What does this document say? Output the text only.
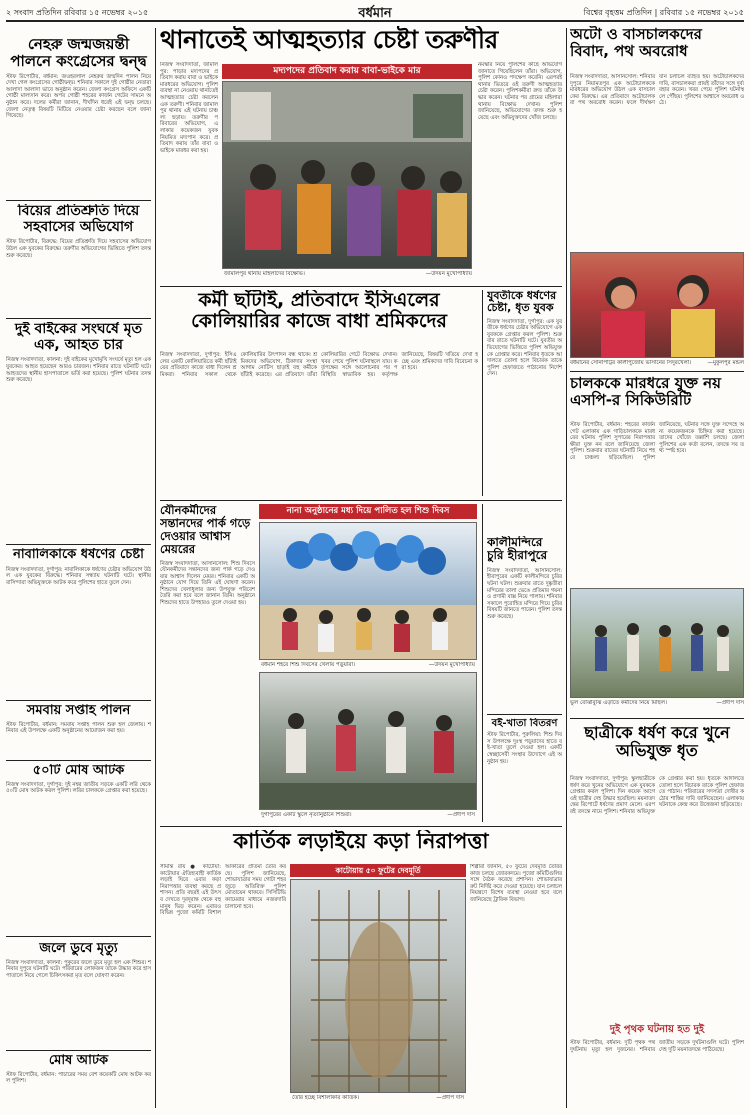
২ সংবাদ প্রতিদিন রবিবার ১৫ নভেম্বর ২০১৫	বর্ধমান	বিশ্বের বৃহত্তম প্রতিদিন | রবিবার ১৫ নভেম্বর ২০১৫
নেহরু জন্মজয়ন্তী পালনে কংগ্রেসের দ্বন্দ্ব
স্টাফ রিপোর্টার, বর্ধমান: জওহরলাল নেহরুর জন্মদিন পালন নিয়ে দেখা গেল কংগ্রেসের গোষ্ঠীদ্বন্দ্ব। শনিবার সকালে দুই গোষ্ঠীর নেতারা আলাদা আলাদা ভাবে অনুষ্ঠান করেন। জেলা কংগ্রেস অফিসে একটি গোষ্ঠী মাল্যদান করে। অপর গোষ্ঠী শহরের কার্জন গেটের সামনে অনুষ্ঠান করে। দলের কর্মীরা জানান, দীর্ঘদিন ধরেই এই দ্বন্দ্ব চলছে। জেলা নেতৃত্ব বিষয়টি মিটিয়ে নেওয়ার চেষ্টা করছেন বলে জানা গিয়েছে।
বিয়ের প্রতিশ্রুতি দিয়ে সহবাসের অভিযোগ
স্টাফ রিপোর্টার, বিরুদ্ধে: বিয়ের প্রতিশ্রুতি দিয়ে সহবাসের অভিযোগ উঠল এক যুবকের বিরুদ্ধে। তরুণীর অভিযোগের ভিত্তিতে পুলিশ তদন্ত শুরু করেছে।
দুই বাইকের সংঘর্ষে মৃত এক, আহত চার
নিজস্ব সংবাদদাতা, কালনা: দুই বাইকের মুখোমুখি সংঘর্ষে মৃত্যু হল এক যুবকের। আহত হয়েছেন আরও চারজন। শনিবার রাতে ঘটনাটি ঘটে। আহতদের স্থানীয় হাসপাতালে ভর্তি করা হয়েছে। পুলিশ ঘটনার তদন্ত শুরু করেছে।
নাবালিকাকে ধর্ষণের চেষ্টা
নিজস্ব সংবাদদাতা, দুর্গাপুর: নাবালিকাকে ধর্ষণের চেষ্টার অভিযোগ উঠল এক যুবকের বিরুদ্ধে। শনিবার সন্ধ্যায় ঘটনাটি ঘটে। স্থানীয় বাসিন্দারা অভিযুক্তকে আটক করে পুলিশের হাতে তুলে দেন।
সমবায় সপ্তাহ পালন
স্টাফ রিপোর্টার, বর্ধমান: সমবায় সপ্তাহ পালন শুরু হল জেলায়। শনিবার এই উপলক্ষে একটি অনুষ্ঠানের আয়োজন করা হয়।
৫০টি মোষ আটক
নিজস্ব সংবাদদাতা, দুর্গাপুর: দুই নম্বর জাতীয় সড়কে একটি লরি থেকে ৫০টি মোষ আটক করল পুলিশ। লরির চালককে গ্রেপ্তার করা হয়েছে।
জলে ডুবে মৃত্যু
নিজস্ব সংবাদদাতা, কালনা: পুকুরের জলে ডুবে মৃত্যু হল এক শিশুর। শনিবার দুপুরে ঘটনাটি ঘটে। পরিবারের লোকজন তাকে উদ্ধার করে হাসপাতালে নিয়ে গেলে চিকিৎসকরা মৃত বলে ঘোষণা করেন।
মোষ আটক
স্টাফ রিপোর্টার, বর্ধমান: পাচারের সময় বেশ কয়েকটি মোষ আটক করল পুলিশ।
থানাতেই আত্মহত্যার চেষ্টা তরুণীর
নিজস্ব সংবাদদাতা, জামালপুর: পাড়ার মদ্যপদের প্রতিবাদ করায় বাবা ও ভাইকে মারধরের অভিযোগ। পুলিশ ব্যবস্থা না নেওয়ায় থানাতেই আত্মহত্যার চেষ্টা করলেন এক তরুণী। শনিবার জামালপুর থানায় এই ঘটনায় চাঞ্চল্য ছড়ায়। তরুণীর পরিবারের অভিযোগ, এলাকার কয়েকজন যুবক নিয়মিত মদ্যপান করে। প্রতিবাদ করায় তাঁর বাবা ও ভাইকে মারধর করা হয়।
মদ্যপদের প্রতিবাদ করায় বাবা-ভাইকে মার
জামালপুর থানায় মহিলাদের বিক্ষোভ।	—উদয়ন মুখোপাধ্যায়
নমস্কার নিয়ে পুলিশের কাছে অভিযোগ জানাতে গিয়েছিলেন তাঁরা। অভিযোগ, পুলিশ কোনও পদক্ষেপ করেনি। এরপরই থানার ভিতরে ওই তরুণী আত্মহত্যার চেষ্টা করেন। পুলিশকর্মীরা দ্রুত তাঁকে উদ্ধার করেন। ঘটনার পর গ্রামের মহিলারা থানায় বিক্ষোভ দেখান। পুলিশ জানিয়েছে, অভিযোগের তদন্ত শুরু হয়েছে এবং অভিযুক্তদের খোঁজ চলছে।
কর্মী ছাঁটাই, প্রতিবাদে ইসিএলের কোলিয়ারির কাজে বাধা শ্রমিকদের
নিজস্ব সংবাদদাতা, দুর্গাপুর: ইসিএলের একটি কোলিয়ারিতে কর্মী ছাঁটাইয়ের প্রতিবাদে কাজে বাধা দিলেন শ্রমিকরা। শনিবার সকাল থেকে কোলিয়ারির উৎপাদন বন্ধ থাকে। শ্রমিকদের অভিযোগ, ঠিকাদার সংস্থা আগাম নোটিস ছাড়াই বহু কর্মীকে ছাঁটাই করেছে। এর প্রতিবাদে তাঁরা কোলিয়ারির গেটে বিক্ষোভ দেখান। খবর পেয়ে পুলিশ ঘটনাস্থলে যায়। কর্তৃপক্ষের সঙ্গে আলোচনার পর পরিস্থিতি স্বাভাবিক হয়। কর্তৃপক্ষ জানিয়েছে, বিষয়টি খতিয়ে দেখা হচ্ছে এবং শ্রমিকদের দাবি বিবেচনা করা হবে।
যুবতীকে ধর্ষণের চেষ্টা, ধৃত যুবক
নিজস্ব সংবাদদাতা, দুর্গাপুর: এক যুবতীকে ধর্ষণের চেষ্টার অভিযোগে এক যুবককে গ্রেপ্তার করল পুলিশ। শুক্রবার রাতে ঘটনাটি ঘটে। যুবতীর অভিযোগের ভিত্তিতে পুলিশ অভিযুক্তকে গ্রেপ্তার করে। শনিবার ধৃতকে আদালতে তোলা হলে বিচারক তাকে পুলিশ হেফাজতে পাঠানোর নির্দেশ দেন।
যৌনকর্মীদের সন্তানদের পার্ক গড়ে দেওয়ার আশ্বাস মেয়রের
নিজস্ব সংবাদদাতা, আসানসোল: শিশু দিবসে যৌনকর্মীদের সন্তানদের জন্য পার্ক গড়ে দেওয়ার আশ্বাস দিলেন মেয়র। শনিবার একটি অনুষ্ঠানে যোগ দিয়ে তিনি এই ঘোষণা করেন। শিশুদের খেলাধুলার জন্য উপযুক্ত পরিবেশ তৈরি করা হবে বলে জানান তিনি। অনুষ্ঠানে শিশুদের হাতে উপহারও তুলে দেওয়া হয়।
নানা অনুষ্ঠানের মধ্য দিয়ে পালিত হল শিশু দিবস
বর্ধমান শহরে শিশু দিবসের খেলায় পড়ুয়ারা।	—উদয়ন মুখোপাধ্যায়
দুর্গাপুরের একটি স্কুলে নৃত্যানুষ্ঠানে শিশুরা।	—প্রদীপ দাস
কালীমন্দিরে চুরি হীরাপুরে
নিজস্ব সংবাদদাতা, আসানসোল: হীরাপুরের একটি কালীমন্দিরে চুরির ঘটনা ঘটল। শুক্রবার রাতে দুষ্কৃতীরা মন্দিরের তালা ভেঙে প্রতিমার গয়না ও প্রণামী বাক্স নিয়ে পালায়। শনিবার সকালে পুরোহিত মন্দিরে গিয়ে চুরির বিষয়টি জানতে পারেন। পুলিশ তদন্ত শুরু করেছে।
বই-খাতা বিতরণ
স্টাফ রিপোর্টার, পুরুলিয়া: শিশু দিবস উপলক্ষে দুঃস্থ পড়ুয়াদের হাতে বই-খাতা তুলে দেওয়া হল। একটি স্বেচ্ছাসেবী সংস্থার উদ্যোগে এই অনুষ্ঠান হয়।
কার্তিক লড়াইয়ে কড়া নিরাপত্তা
সীমান্ত রায় ● কাটোয়া: কাটোয়ার ঐতিহ্যবাহী কার্তিক লড়াই ঘিরে এবার কড়া নিরাপত্তার ব্যবস্থা করছে প্রশাসন। প্রতি বছরই এই উৎসব দেখতে দূরদূরান্ত থেকে বহু মানুষ ভিড় করেন। এবারও বিভিন্ন পুজো কমিটি বিশাল আকারের প্রতিমা তৈরি করছে। পুলিশ জানিয়েছে, শোভাযাত্রার সময় গোটা শহর জুড়ে অতিরিক্ত পুলিশ মোতায়েন থাকবে। সিসিটিভি ক্যামেরার মাধ্যমে নজরদারি চালানো হবে।
কাটোয়ায় ৫০ ফুটের দেবমূর্তি
তৈরি হচ্ছে বিশালাকার কার্তিক।	—প্রদীপ দাস
শিল্পীরা জানান, ৫০ ফুটের দেবমূর্তি তৈরির কাজ চলছে জোরকদমে। পুজো কমিটিগুলির সঙ্গে বৈঠক করেছে প্রশাসন। শোভাযাত্রার রুট নির্দিষ্ট করে দেওয়া হয়েছে। যান চলাচল নিয়ন্ত্রণে বিশেষ ব্যবস্থা নেওয়া হবে বলে জানিয়েছে ট্রাফিক বিভাগ।
অটো ও বাসচালকদের বিবাদ, পথ অবরোধ
নিজস্ব সংবাদদাতা, আসানসোল: শনিবার দুপুরে নিয়ামতপুর এক অটোচালককে মারধরের অভিযোগ উঠল এক বাসচালকের বিরুদ্ধে। এর প্রতিবাদে অটোচালকরা পথ অবরোধ করেন। ফলে দীর্ঘক্ষণ যান চলাচল ব্যাহত হয়। অটোচালকদের দাবি, বাসচালকরা প্রায়ই তাঁদের সঙ্গে দুর্ব্যবহার করেন। খবর পেয়ে পুলিশ ঘটনাস্থলে পৌঁছয়। পুলিশের আশ্বাসে অবরোধ ওঠে।
বর্ধমানের সোনাপট্টির কালীপুজোয় ভাসানের সিঁদুরখেলা।	—মুকুলপুর মন্ডল
চালককে মারধরে যুক্ত নয় এসপি-র সিকিউরিটি
স্টাফ রিপোর্টার, বর্ধমান: শহরের কার্জন গেট এলাকায় এক গাড়িচালককে মারধরের ঘটনায় পুলিশ সুপারের নিরাপত্তারক্ষীরা যুক্ত নন বলে জানিয়েছে জেলা পুলিশ। শুক্রবার রাতের ঘটনাটি নিয়ে শহরে চাঞ্চল্য ছড়িয়েছিল। পুলিশ জানিয়েছে, ঘটনার সঙ্গে যুক্ত সন্দেহে অন্য কয়েকজনকে চিহ্নিত করা হয়েছে। তাদের খোঁজে তল্লাশি চলছে। জেলা পুলিশের এক কর্তা বলেন, তদন্তে সব তথ্য স্পষ্ট হবে।
ভুল বোঝাবুঝি এড়াতে কর্মীদের নিয়ে মিছিল।	—প্রদীপ দাস
ছাত্রীকে ধর্ষণ করে খুনে অভিযুক্ত ধৃত
নিজস্ব সংবাদদাতা, দুর্গাপুর: স্কুলছাত্রীকে ধর্ষণ করে খুনের অভিযোগে এক যুবককে গ্রেপ্তার করল পুলিশ। দিন কয়েক আগে ওই ছাত্রীর দেহ উদ্ধার হয়েছিল। ময়নাতদন্তের রিপোর্টে ধর্ষণের প্রমাণ মেলে। এরপরই তদন্তে নামে পুলিশ। শনিবার অভিযুক্তকে গ্রেপ্তার করা হয়। ধৃতকে আদালতে তোলা হলে বিচারক তাকে পুলিশ হেফাজতে পাঠান। পরিবারের সদস্যরা দোষীর কঠোর শাস্তির দাবি জানিয়েছেন। এলাকায় ঘটনাকে কেন্দ্র করে উত্তেজনা ছড়িয়েছে।
দুই পৃথক ঘটনায় হত দুই
স্টাফ রিপোর্টার, বর্ধমান: দুটি পৃথক পথ দুর্ঘটনায় মৃত্যু হল দুজনের। শনিবার জাতীয় সড়কে দুর্ঘটনাগুলি ঘটে। পুলিশ দেহ দুটি ময়নাতদন্তে পাঠিয়েছে।
